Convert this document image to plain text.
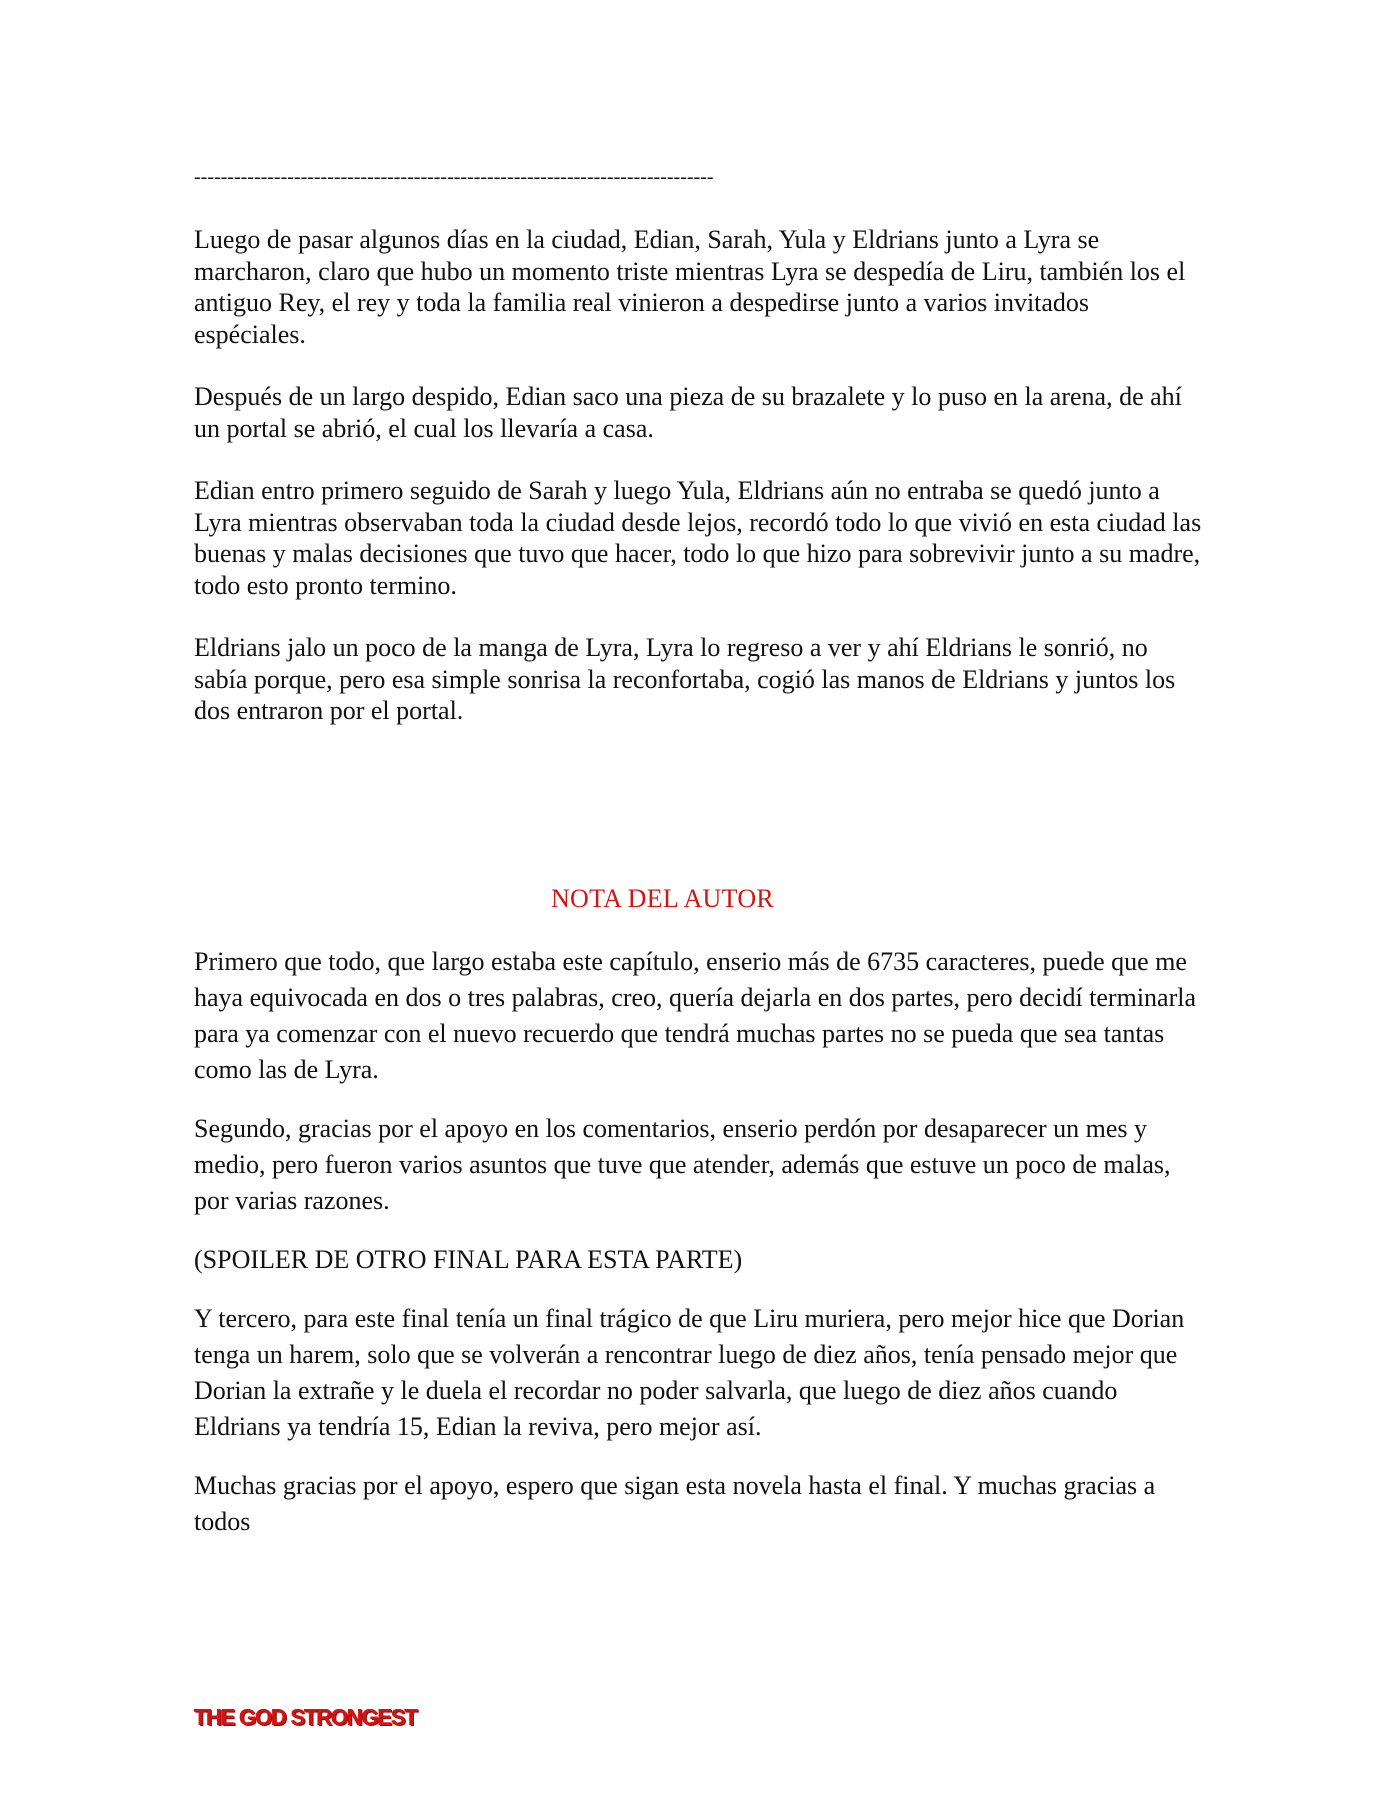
------------------------------------------------------------------------------

Luego de pasar algunos días en la ciudad, Edian, Sarah, Yula y Eldrians junto a Lyra se marcharon, claro que hubo un momento triste mientras Lyra se despedía de Liru, también los el antiguo Rey, el rey y toda la familia real vinieron a despedirse junto a varios invitados espéciales.

Después de un largo despido, Edian saco una pieza de su brazalete y lo puso en la arena, de ahí un portal se abrió, el cual los llevaría a casa.

Edian entro primero seguido de Sarah y luego Yula, Eldrians aún no entraba se quedó junto a Lyra mientras observaban toda la ciudad desde lejos, recordó todo lo que vivió en esta ciudad las buenas y malas decisiones que tuvo que hacer, todo lo que hizo para sobrevivir junto a su madre, todo esto pronto termino.

Eldrians jalo un poco de la manga de Lyra, Lyra lo regreso a ver y ahí Eldrians le sonrió, no sabía porque, pero esa simple sonrisa la reconfortaba, cogió las manos de Eldrians y juntos los dos entraron por el portal.

NOTA DEL AUTOR

Primero que todo, que largo estaba este capítulo, enserio más de 6735 caracteres, puede que me haya equivocada en dos o tres palabras, creo, quería dejarla en dos partes, pero decidí terminarla para ya comenzar con el nuevo recuerdo que tendrá muchas partes no se pueda que sea tantas como las de Lyra.

Segundo, gracias por el apoyo en los comentarios, enserio perdón por desaparecer un mes y medio, pero fueron varios asuntos que tuve que atender, además que estuve un poco de malas, por varias razones.

(SPOILER DE OTRO FINAL PARA ESTA PARTE)

Y tercero, para este final tenía un final trágico de que Liru muriera, pero mejor hice que Dorian tenga un harem, solo que se volverán a rencontrar luego de diez años, tenía pensado mejor que Dorian la extrañe y le duela el recordar no poder salvarla, que luego de diez años cuando Eldrians ya tendría 15, Edian la reviva, pero mejor así.

Muchas gracias por el apoyo, espero que sigan esta novela hasta el final. Y muchas gracias a todos

THE GOD STRONGEST
